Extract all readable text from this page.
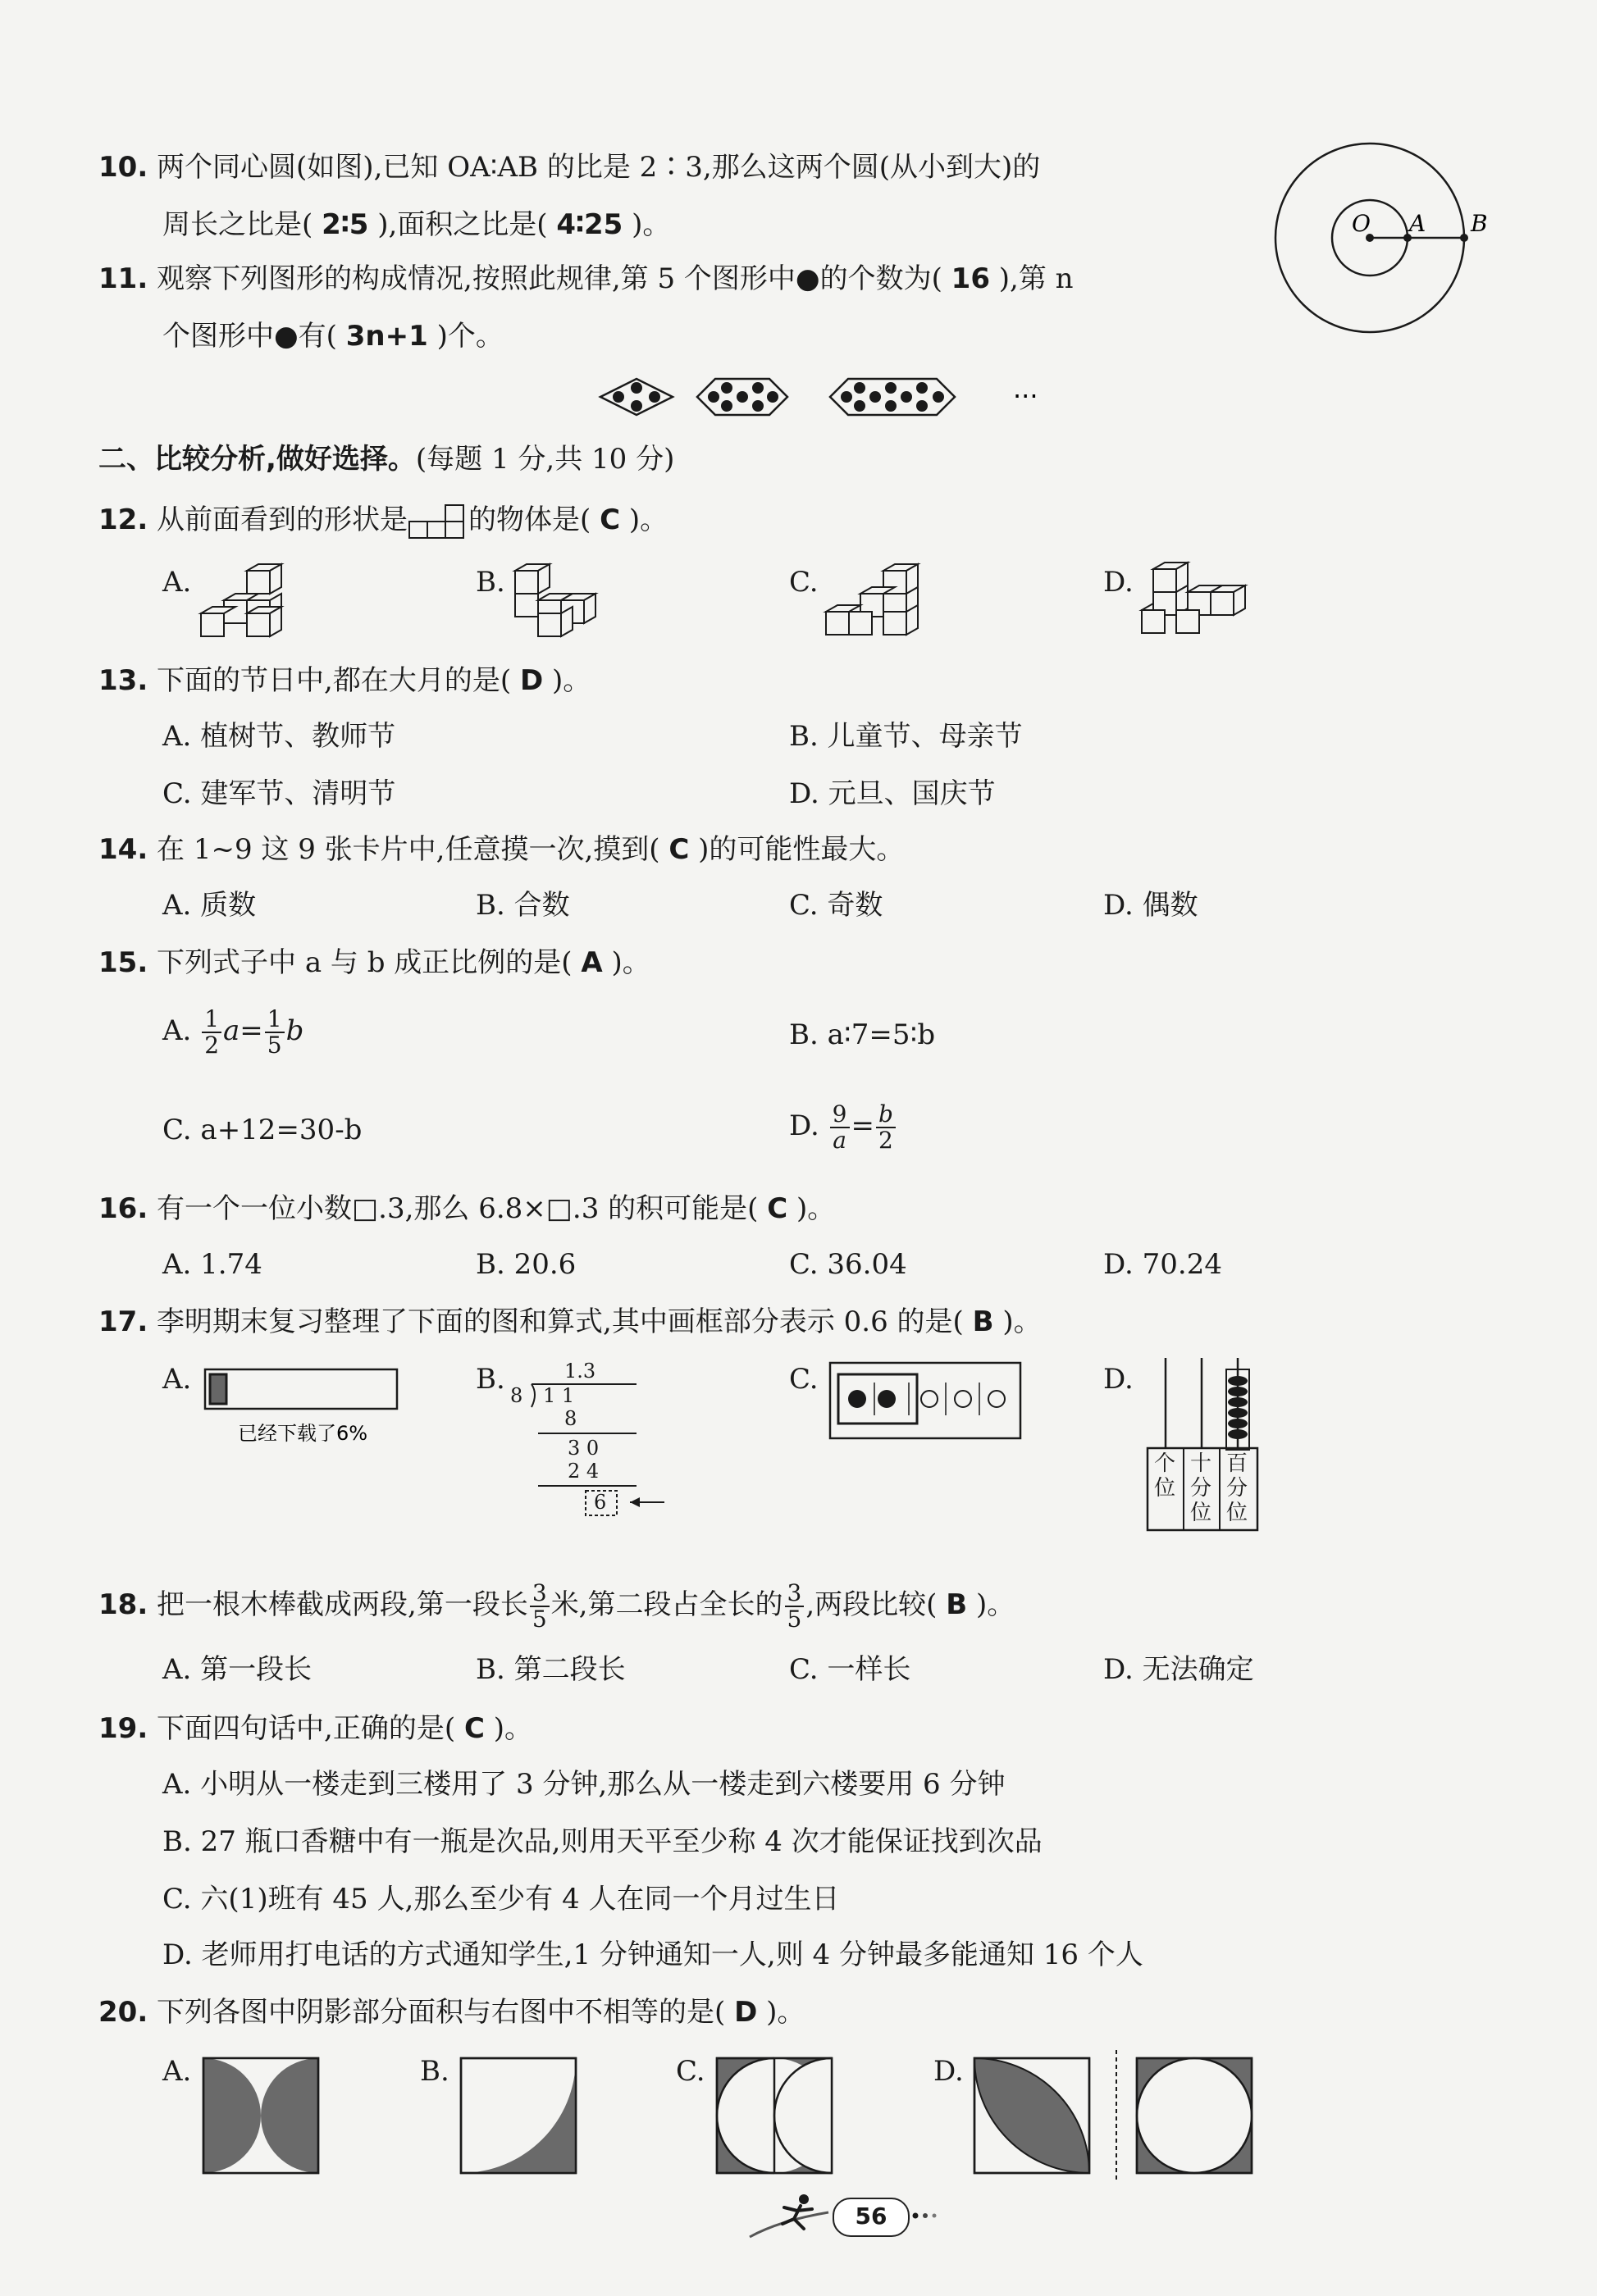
10. 两个同心圆(如图),已知 OA∶AB 的比是 2∶3,那么这两个圆(从小到大)的
周长之比是( 2∶5 ),面积之比是( 4∶25 )。	O A B
11. 观察下列图形的构成情况,按照此规律,第 5 个图形中●的个数为( 16 ),第 n
个图形中●有( 3n+1 )个。
···
二、比较分析,做好选择。(每题 1 分,共 10 分)
12. 从前面看到的形状是 的物体是( C )。
A.	B.	C.	D.
13. 下面的节日中,都在大月的是( D )。
A. 植树节、教师节	B. 儿童节、母亲节
C. 建军节、清明节	D. 元旦、国庆节
14. 在 1~9 这 9 张卡片中,任意摸一次,摸到( C )的可能性最大。
A. 质数	B. 合数	C. 奇数	D. 偶数
15. 下列式子中 a 与 b 成正比例的是( A )。
A. $\frac{1}{2} a= \frac{1}{5}$ b	B. a∶7=5∶b
C. a+12=30-b	D. $\frac{9}{a} = \frac{b}{2}$
16. 有一个一位小数□.3,那么 6.8×□.3 的积可能是( C )。
A. 1.74	B. 20.6	C. 36.04	D. 70.24
17. 李明期末复习整理了下面的图和算式,其中画框部分表示 0.6 的是( B )。
A.	B.	C.	D.
已经下载了6%
1.3
8 1 1
8
3 0
2 4
6
个位
十分位
百分位
18. 把一根木棒截成两段,第一段长 $\frac{3}{5}$ 米,第二段占全长的 $\frac{3}{5}$ ,两段比较( B )。
A. 第一段长	B. 第二段长	C. 一样长	D. 无法确定
19. 下面四句话中,正确的是( C )。
A. 小明从一楼走到三楼用了 3 分钟,那么从一楼走到六楼要用 6 分钟
B. 27 瓶口香糖中有一瓶是次品,则用天平至少称 4 次才能保证找到次品
C. 六(1)班有 45 人,那么至少有 4 人在同一个月过生日
D. 老师用打电话的方式通知学生,1 分钟通知一人,则 4 分钟最多能通知 16 个人
20. 下列各图中阴影部分面积与右图中不相等的是( D )。
A.	B.	C.	D.
56
